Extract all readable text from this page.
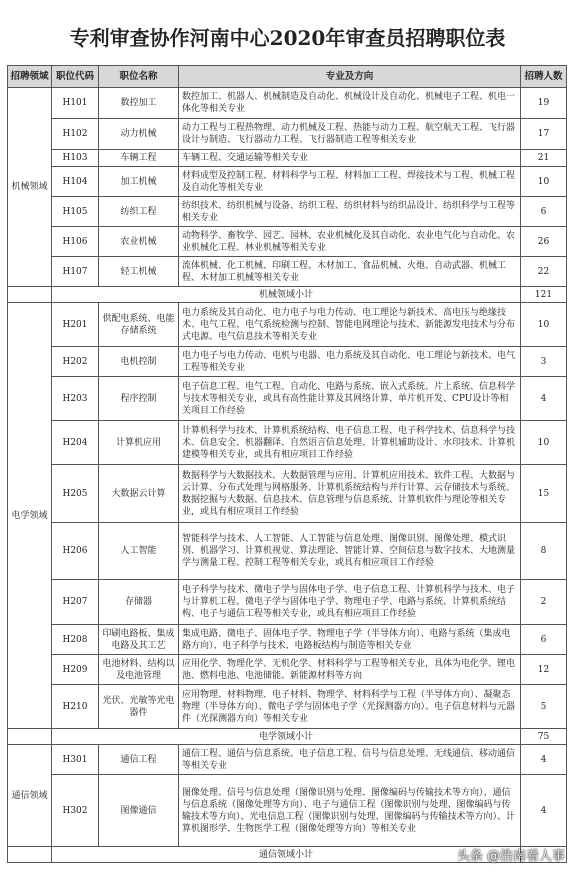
专利审查协作河南中心2020年审查员招聘职位表
招聘领域	职位代码	职位名称	专业及方向	招聘人数
机械领域	H101	数控加工	数控加工、机器人、机械制造及自动化、机械设计及自动化、机械电子工程、机电一体化等相关专业	19
	H102	动力机械	动力工程与工程热物理、动力机械及工程、热能与动力工程、航空航天工程、飞行器设计与制造、飞行器动力工程、飞行器制造工程等相关专业	17
	H103	车辆工程	车辆工程、交通运输等相关专业	21
	H104	加工机械	材料成型及控制工程、材料科学与工程、材料加工工程、焊接技术与工程、机械工程及自动化等相关专业	10
	H105	纺织工程	纺织技术、纺织机械与设备、纺织工程、纺织材料与纺织品设计、纺织科学与工程等相关专业	6
	H106	农业机械	动物科学、畜牧学、园艺、园林、农业机械化及其自动化、农业电气化与自动化、农业机械化工程、林业机械等相关专业	26
	H107	轻工机械	流体机械、化工机械、印刷工程、木材加工、食品机械、火炮、自动武器、机械工程、木材加工机械等相关专业	22
	机械领域小计			121
电学领域	H201	供配电系统、电能存储系统	电力系统及其自动化、电力电子与电力传动、电工理论与新技术、高电压与绝缘技术、电气工程、电气系统检测与控制、智能电网理论与技术、新能源发电技术与分布式电源、电气信息技术等相关专业	10
	H202	电机控制	电力电子与电力传动、电机与电器、电力系统及其自动化、电工理论与新技术、电气工程等相关专业	3
	H203	程序控制	电子信息工程、电气工程、自动化、电路与系统、嵌入式系统、片上系统、信息科学与技术等相关专业，或具有高性能计算及其网络计算、单片机开发、CPU设计等相关项目工作经验	4
	H204	计算机应用	计算机科学与技术、计算机系统结构、电子信息工程、电子科学技术、信息科学与技术、信息安全、机器翻译、自然语言信息处理、计算机辅助设计、水印技术、计算机建模等相关专业，或具有相应项目工作经验	10
	H205	大数据云计算	数据科学与大数据技术、大数据管理与应用、计算机应用技术、软件工程、大数据与云计算、分布式处理与网格服务、计算机系统结构与并行计算、云存储技术与系统、数据挖掘与大数据、信息技术、信息管理与信息系统、计算机软件与理论等相关专业，或具有相应项目工作经验	15
	H206	人工智能	智能科学与技术、人工智能、人工智能与信息处理、图像识别、图像处理、模式识别、机器学习、计算机视觉、算法理论、智能计算、空间信息与数字技术、大地测量学与测量工程、控制工程等相关专业，或具有相应项目工作经验	8
	H207	存储器	电子科学与技术、微电子学与固体电子学、电子信息工程、计算机科学与技术、电子与计算机工程、微电子学与固体电子学、物理电子学、电路与系统、计算机系统结构、电子与通信工程等相关专业，或具有相应项目工作经验	2
	H208	印刷电路板、集成电路及其工艺	集成电路、微电子、固体电子学、物理电子学（半导体方向）、电路与系统（集成电路方向）、电子科学与技术、电路板结构与制造等相关专业	6
	H209	电池材料、结构以及电池管理	应用化学、物理化学、无机化学、材料科学与工程等相关专业，具体为电化学、锂电池、燃料电池、电池储能、新能源材料等方向	12
	H210	光伏、光敏等光电器件	应用物理、材料物理、电子材料、物理学、材料科学与工程（半导体方向）、凝聚态物理（半导体方向）、微电子学与固体电子学（光探测器方向）、电子信息材料与元器件（光探测器方向）等相关专业	5
	电学领域小计			75
通信领域	H301	通信工程	通信工程、通信与信息系统、电子信息工程、信号与信息处理、无线通信、移动通信等相关专业	4
	H302	图像通信	图像处理、信号与信息处理（图像识别与处理、图像编码与传输技术等方向）、通信与信息系统（图像处理等方向）、电子与通信工程（图像识别与处理、图像编码与传输技术等方向）、光电信息工程（图像识别与处理、图像编码与传输技术等方向）、计算机图形学、生物医学工程（图像处理等方向）等相关专业	4
	通信领域小计				头条 @浩南看人事
